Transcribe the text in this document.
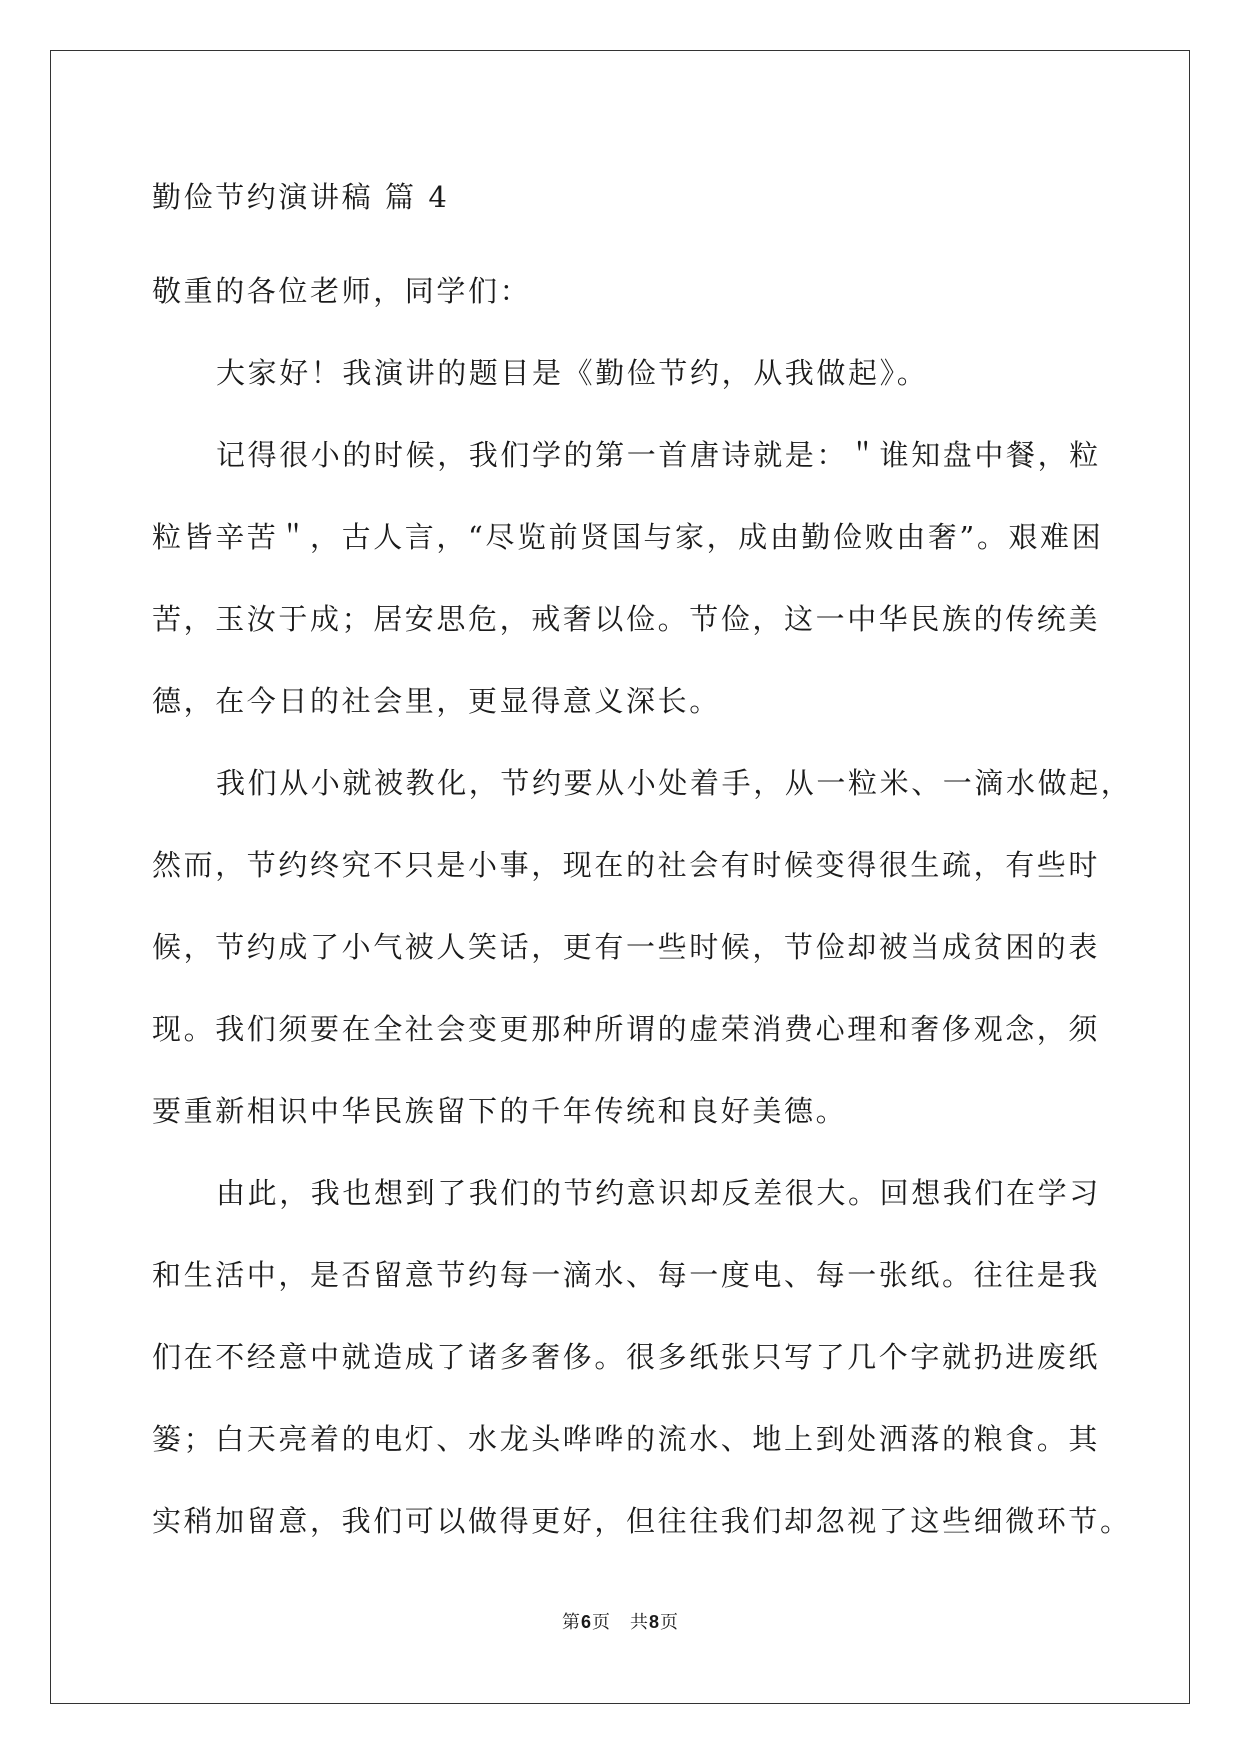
勤俭节约演讲稿 篇 4
敬重的各位老师，同学们：
大家好！我演讲的题目是《勤俭节约，从我做起》。
记得很小的时候，我们学的第一首唐诗就是：＂谁知盘中餐，粒
粒皆辛苦＂，古人言，“尽览前贤国与家，成由勤俭败由奢”。艰难困
苦，玉汝于成；居安思危，戒奢以俭。节俭，这一中华民族的传统美
德，在今日的社会里，更显得意义深长。
我们从小就被教化，节约要从小处着手，从一粒米、一滴水做起，
然而，节约终究不只是小事，现在的社会有时候变得很生疏，有些时
候，节约成了小气被人笑话，更有一些时候，节俭却被当成贫困的表
现。我们须要在全社会变更那种所谓的虚荣消费心理和奢侈观念，须
要重新相识中华民族留下的千年传统和良好美德。
由此，我也想到了我们的节约意识却反差很大。回想我们在学习
和生活中，是否留意节约每一滴水、每一度电、每一张纸。往往是我
们在不经意中就造成了诸多奢侈。很多纸张只写了几个字就扔进废纸
篓；白天亮着的电灯、水龙头哗哗的流水、地上到处洒落的粮食。其
实稍加留意，我们可以做得更好，但往往我们却忽视了这些细微环节。
第6页　共8页
